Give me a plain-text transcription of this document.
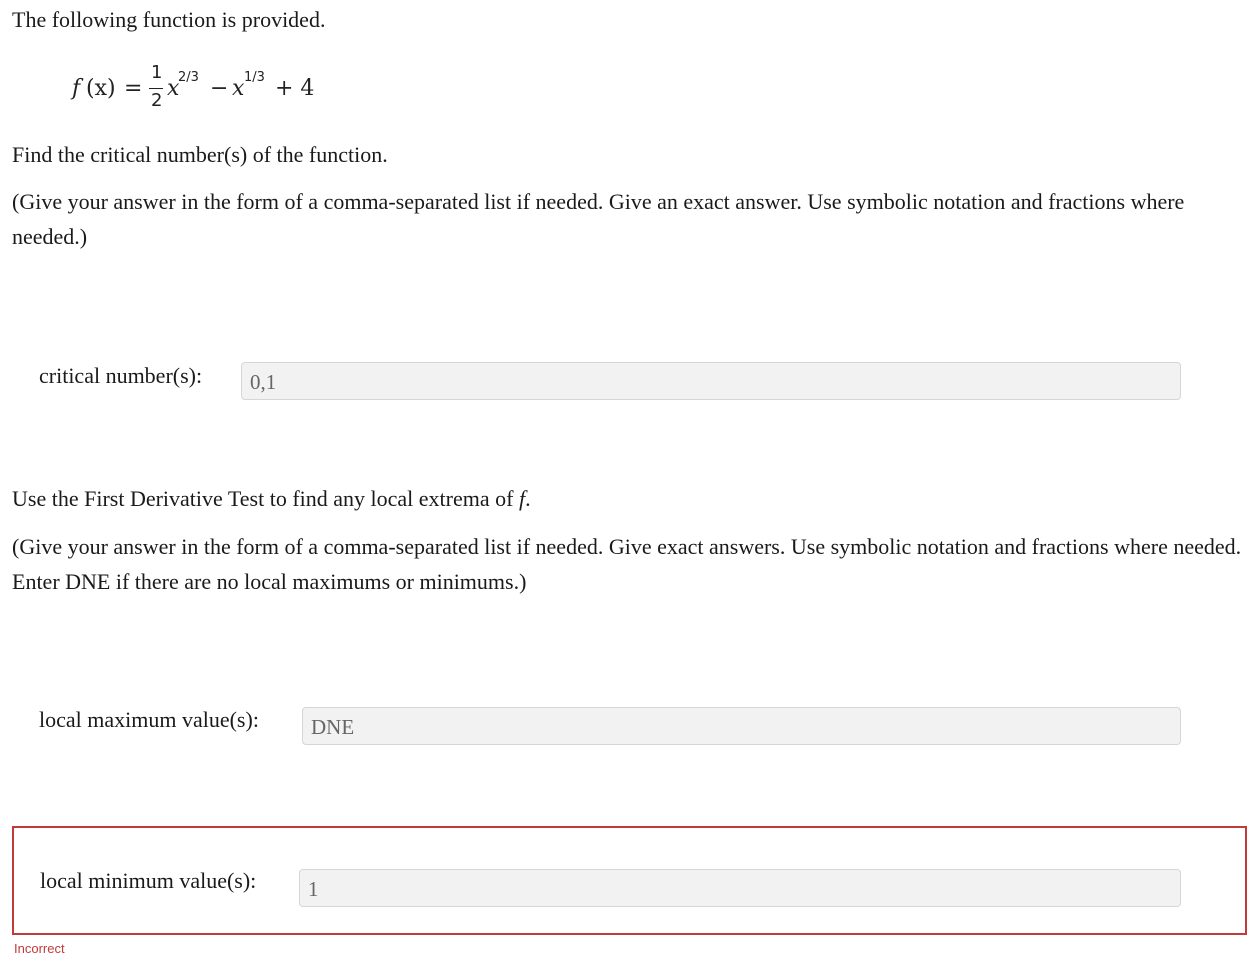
The following function is provided.
f (x) =
1
2 x
2/3 − x 1/3 + 4
Find the critical number(s) of the function.
(Give your answer in the form of a comma-separated list if needed. Give an exact answer. Use symbolic notation and fractions where needed.)
critical number(s):	0,1
Use the First Derivative Test to find any local extrema of f.
(Give your answer in the form of a comma-separated list if needed. Give exact answers. Use symbolic notation and fractions where needed. Enter DNE if there are no local maximums or minimums.)
local maximum value(s):	DNE
local minimum value(s):	1
Incorrect
